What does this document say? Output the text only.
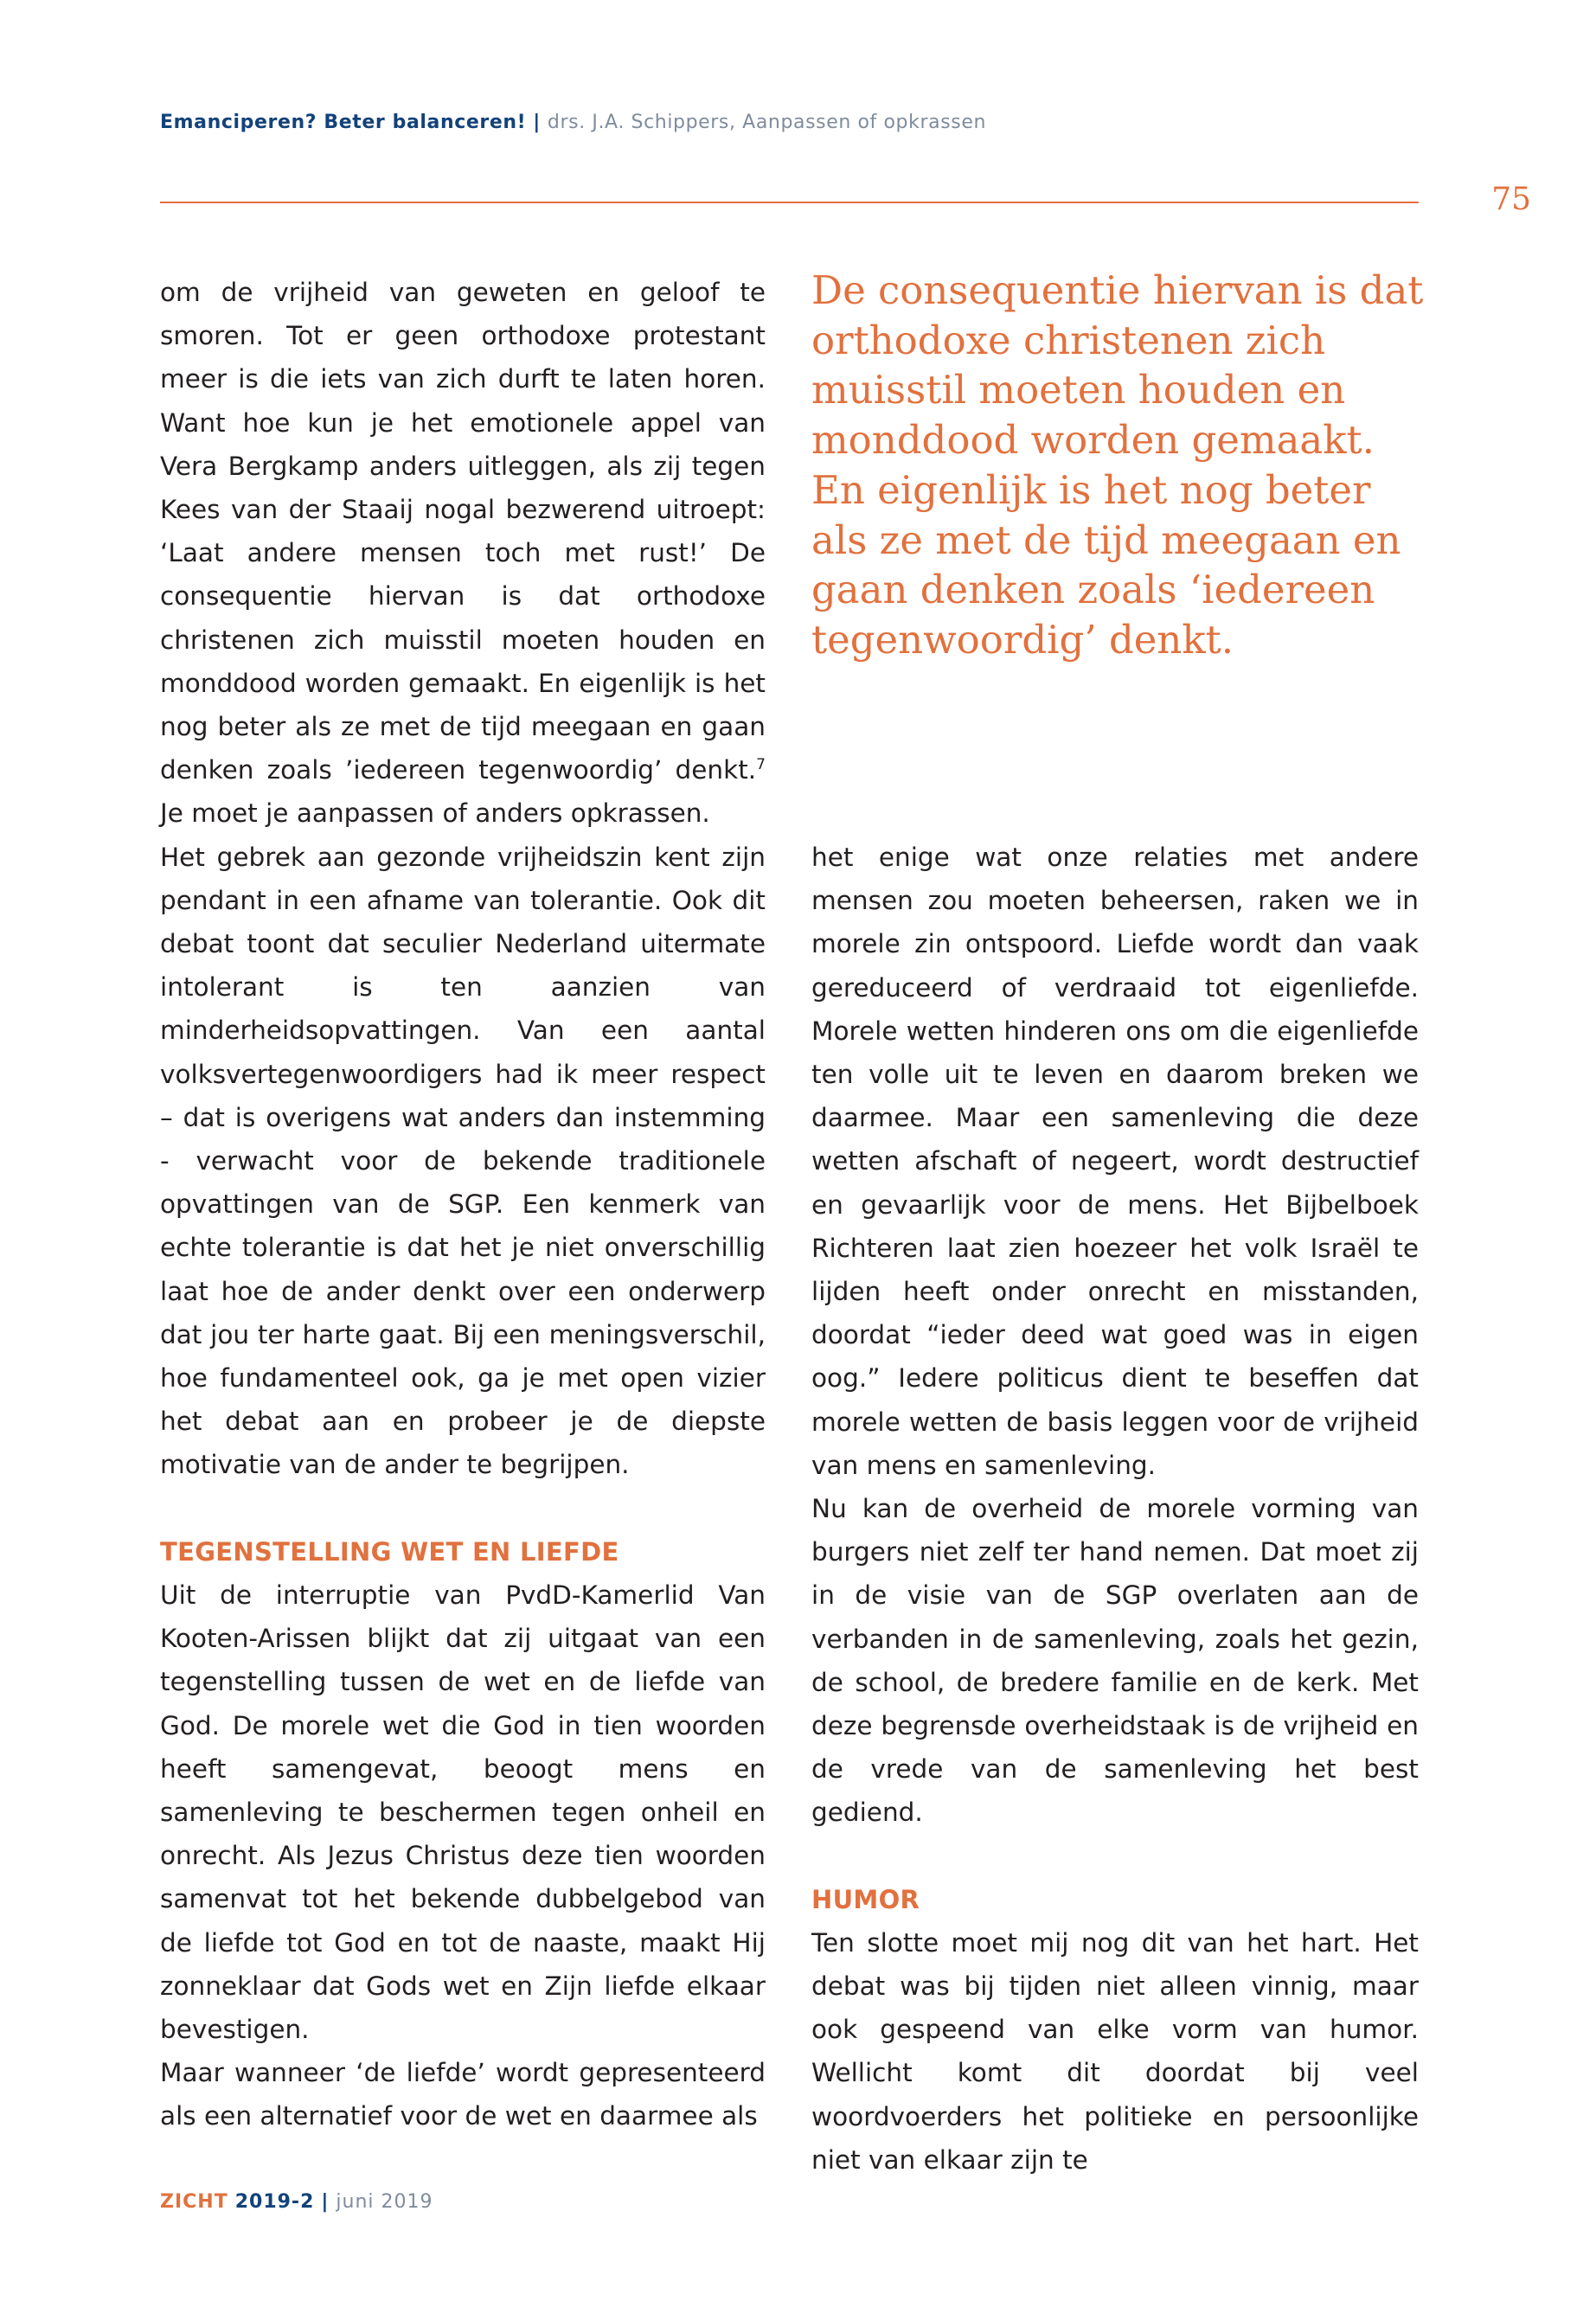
Emanciperen? Beter balanceren! | drs. J.A. Schippers, Aanpassen of opkrassen
75

om de vrijheid van geweten en geloof te smoren. Tot er geen orthodoxe protestant meer is die iets van zich durft te laten horen. Want hoe kun je het emotionele appel van Vera Bergkamp anders uitleggen, als zij tegen Kees van der Staaij nogal bezwerend uitroept: ‘Laat andere mensen toch met rust!’ De consequentie hiervan is dat orthodoxe christenen zich muisstil moeten houden en monddood worden gemaakt. En eigenlijk is het nog beter als ze met de tijd meegaan en gaan denken zoals ’iedereen tegenwoordig’ denkt.$^7$ Je moet je aanpassen of anders opkrassen.

Het gebrek aan gezonde vrijheidszin kent zijn pendant in een afname van tolerantie. Ook dit debat toont dat seculier Nederland uitermate intolerant is ten aanzien van minderheidsopvattingen. Van een aantal volksvertegenwoordigers had ik meer respect – dat is overigens wat anders dan instemming - verwacht voor de bekende traditionele opvattingen van de SGP. Een kenmerk van echte tolerantie is dat het je niet onverschillig laat hoe de ander denkt over een onderwerp dat jou ter harte gaat. Bij een meningsverschil, hoe fundamenteel ook, ga je met open vizier het debat aan en probeer je de diepste motivatie van de ander te begrijpen.

TEGENSTELLING WET EN LIEFDE

Uit de interruptie van PvdD-Kamerlid Van Kooten-Arissen blijkt dat zij uitgaat van een tegenstelling tussen de wet en de liefde van God. De morele wet die God in tien woorden heeft samengevat, beoogt mens en samenleving te beschermen tegen onheil en onrecht. Als Jezus Christus deze tien woorden samenvat tot het bekende dubbelgebod van de liefde tot God en tot de naaste, maakt Hij zonneklaar dat Gods wet en Zijn liefde elkaar bevestigen.

Maar wanneer ‘de liefde’ wordt gepresenteerd als een alternatief voor de wet en daarmee als

De consequentie hiervan is dat orthodoxe christenen zich muisstil moeten houden en monddood worden gemaakt. En eigenlijk is het nog beter als ze met de tijd meegaan en gaan denken zoals ‘iedereen tegenwoordig’ denkt.

het enige wat onze relaties met andere mensen zou moeten beheersen, raken we in morele zin ontspoord. Liefde wordt dan vaak gereduceerd of verdraaid tot eigenliefde. Morele wetten hinderen ons om die eigenliefde ten volle uit te leven en daarom breken we daarmee. Maar een samenleving die deze wetten afschaft of negeert, wordt destructief en gevaarlijk voor de mens. Het Bijbelboek Richteren laat zien hoezeer het volk Israël te lijden heeft onder onrecht en misstanden, doordat “ieder deed wat goed was in eigen oog.” Iedere politicus dient te beseffen dat morele wetten de basis leggen voor de vrijheid van mens en samenleving.

Nu kan de overheid de morele vorming van burgers niet zelf ter hand nemen. Dat moet zij in de visie van de SGP overlaten aan de verbanden in de samenleving, zoals het gezin, de school, de bredere familie en de kerk. Met deze begrensde overheidstaak is de vrijheid en de vrede van de samenleving het best gediend.

HUMOR

Ten slotte moet mij nog dit van het hart. Het debat was bij tijden niet alleen vinnig, maar ook gespeend van elke vorm van humor. Wellicht komt dit doordat bij veel woordvoerders het politieke en persoonlijke niet van elkaar zijn te

ZICHT 2019-2 | juni 2019
